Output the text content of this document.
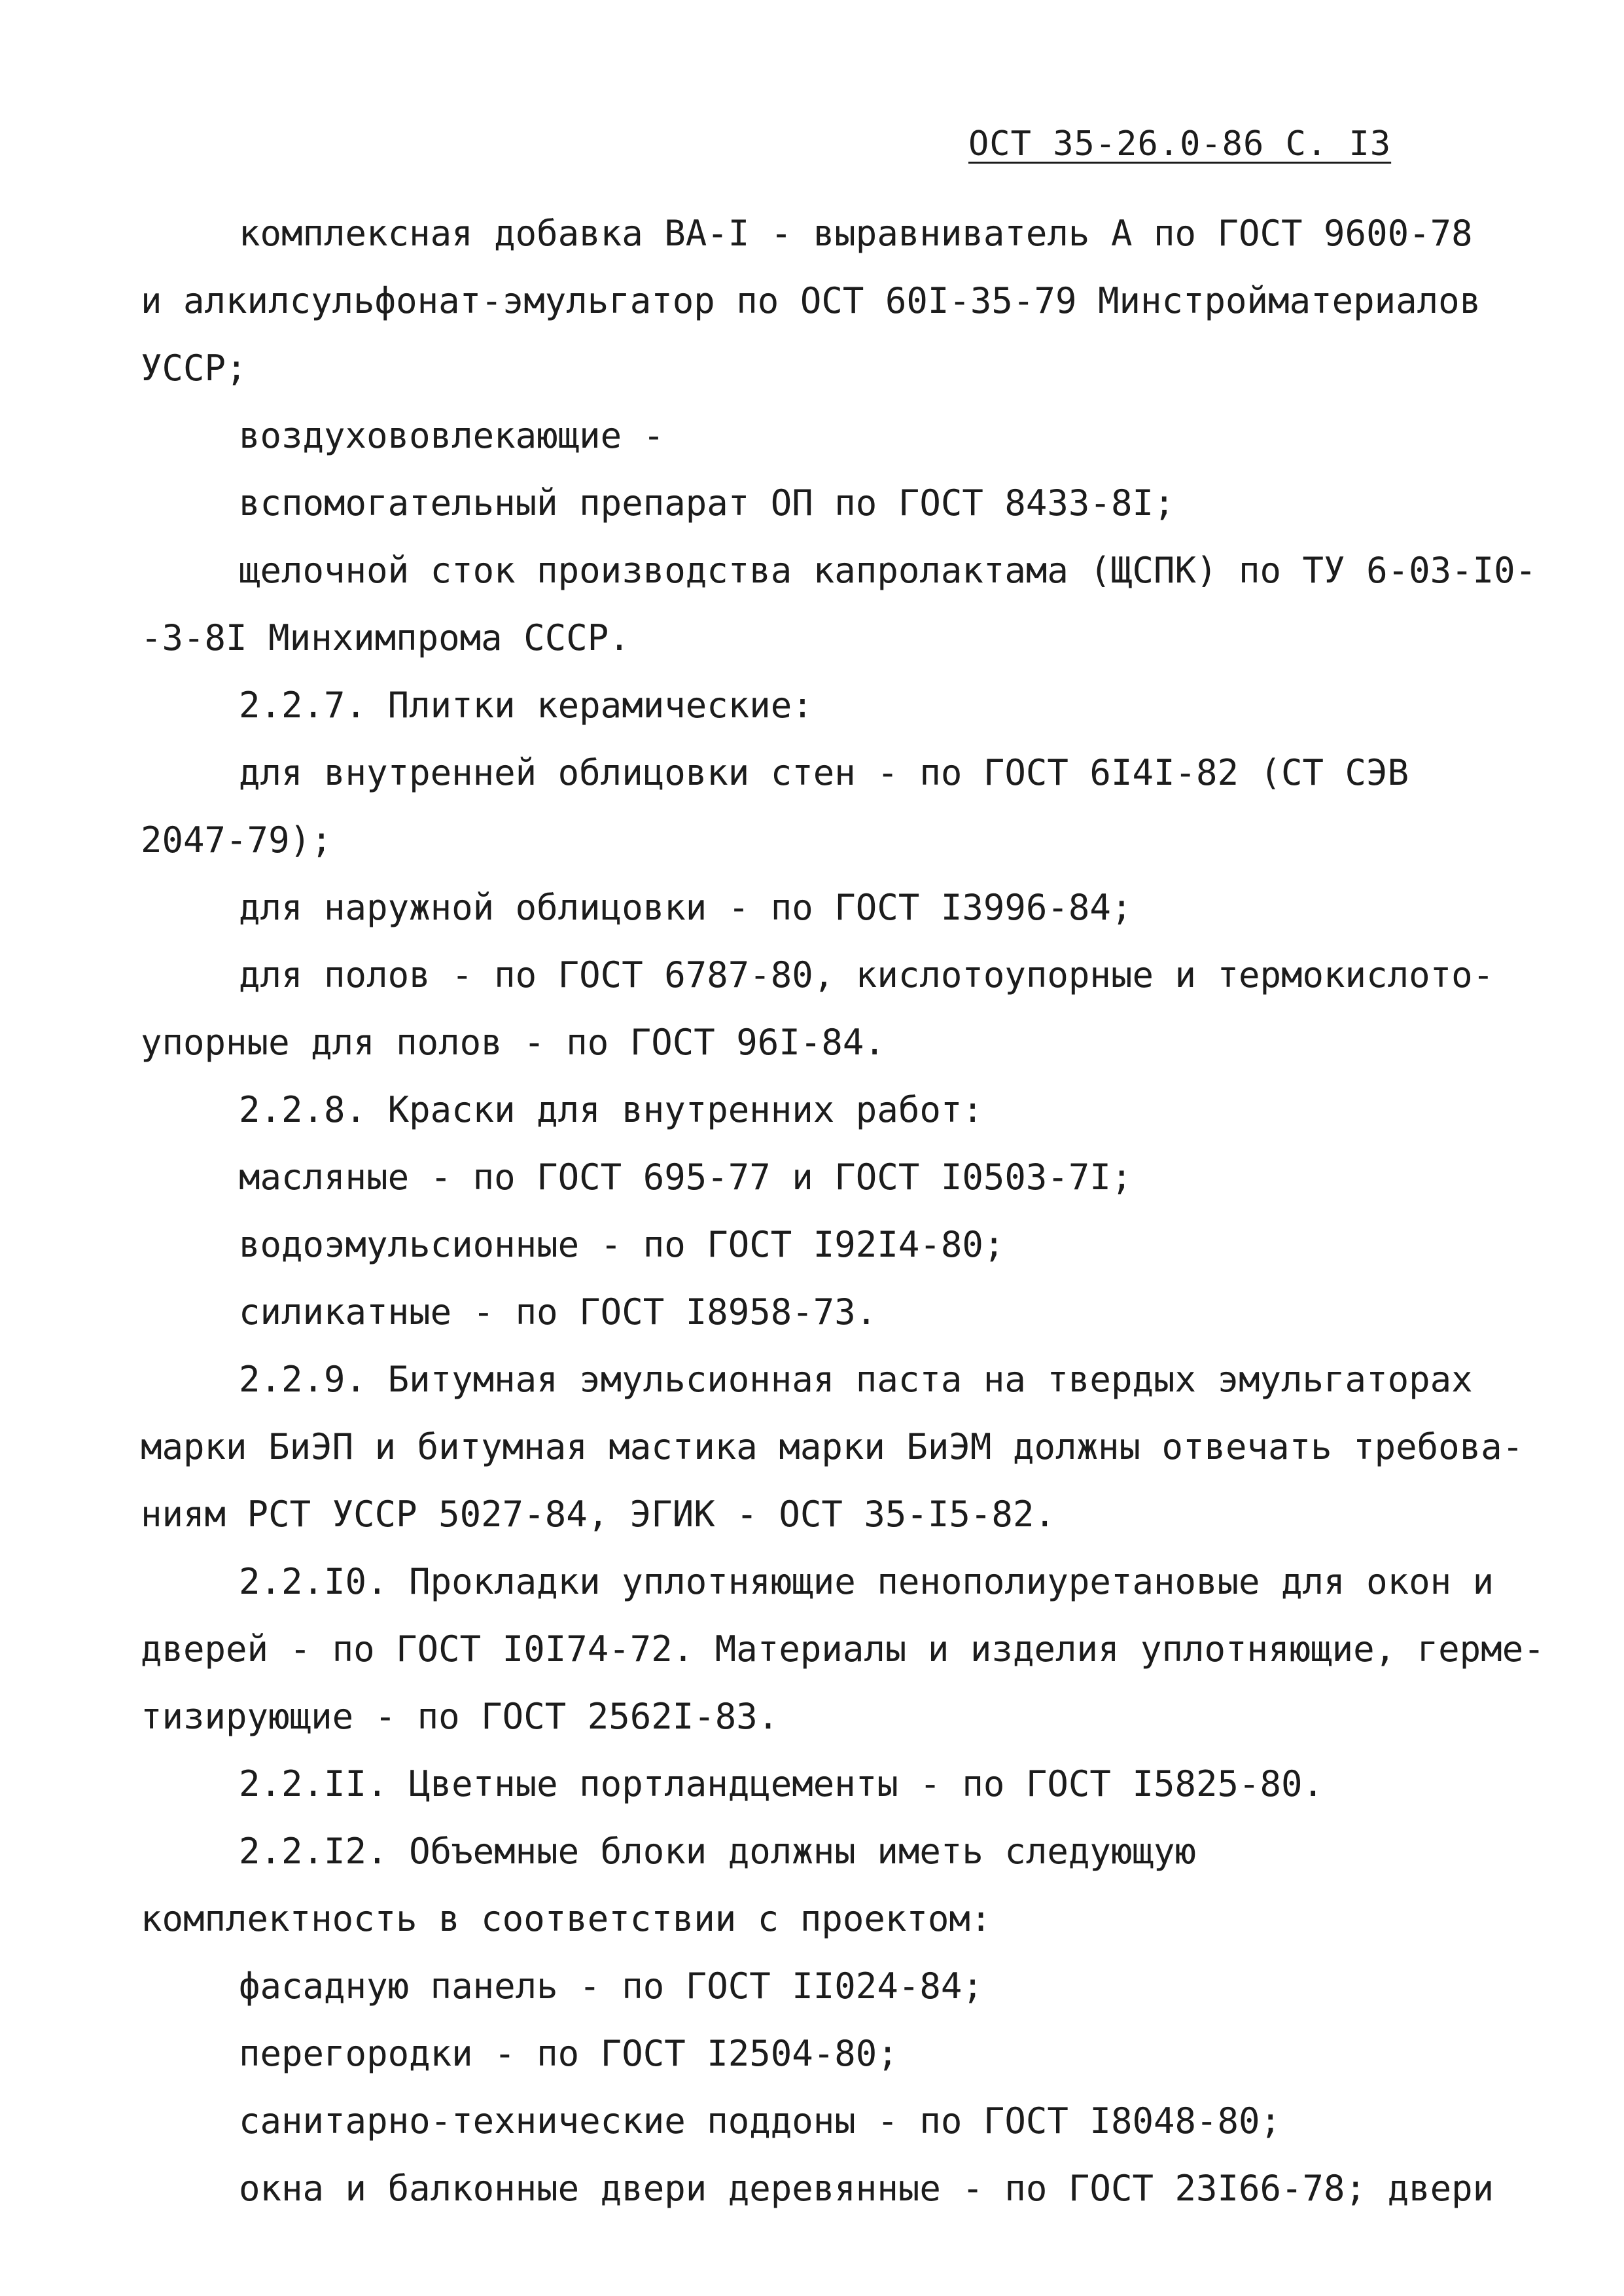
ОСТ 35-26.0-86 С. I3
комплексная добавка ВА-I - выравниватель А по ГОСТ 9600-78
и алкилсульфонат-эмульгатор по ОСТ 60I-35-79 Минстройматериалов
УССР;
воздухововлекающие -
вспомогательный препарат ОП по ГОСТ 8433-8I;
щелочной сток производства капролактама (ЩСПК) по ТУ 6-03-I0-
-3-8I Минхимпрома СССР.
2.2.7. Плитки керамические:
для внутренней облицовки стен - по ГОСТ 6I4I-82 (СТ СЭВ
2047-79);
для наружной облицовки - по ГОСТ I3996-84;
для полов - по ГОСТ 6787-80, кислотоупорные и термокислото-
упорные для полов - по ГОСТ 96I-84.
2.2.8. Краски для внутренних работ:
масляные - по ГОСТ 695-77 и ГОСТ I0503-7I;
водоэмульсионные - по ГОСТ I92I4-80;
силикатные - по ГОСТ I8958-73.
2.2.9. Битумная эмульсионная паста на твердых эмульгаторах
марки БиЭП и битумная мастика марки БиЭМ должны отвечать требова-
ниям РСТ УССР 5027-84, ЭГИК - ОСТ 35-I5-82.
2.2.I0. Прокладки уплотняющие пенополиуретановые для окон и
дверей - по ГОСТ I0I74-72. Материалы и изделия уплотняющие, герме-
тизирующие - по ГОСТ 2562I-83.
2.2.II. Цветные портландцементы - по ГОСТ I5825-80.
2.2.I2. Объемные блоки должны иметь следующую
комплектность в соответствии с проектом:
фасадную панель - по ГОСТ II024-84;
перегородки - по ГОСТ I2504-80;
санитарно-технические поддоны - по ГОСТ I8048-80;
окна и балконные двери деревянные - по ГОСТ 23I66-78; двери
